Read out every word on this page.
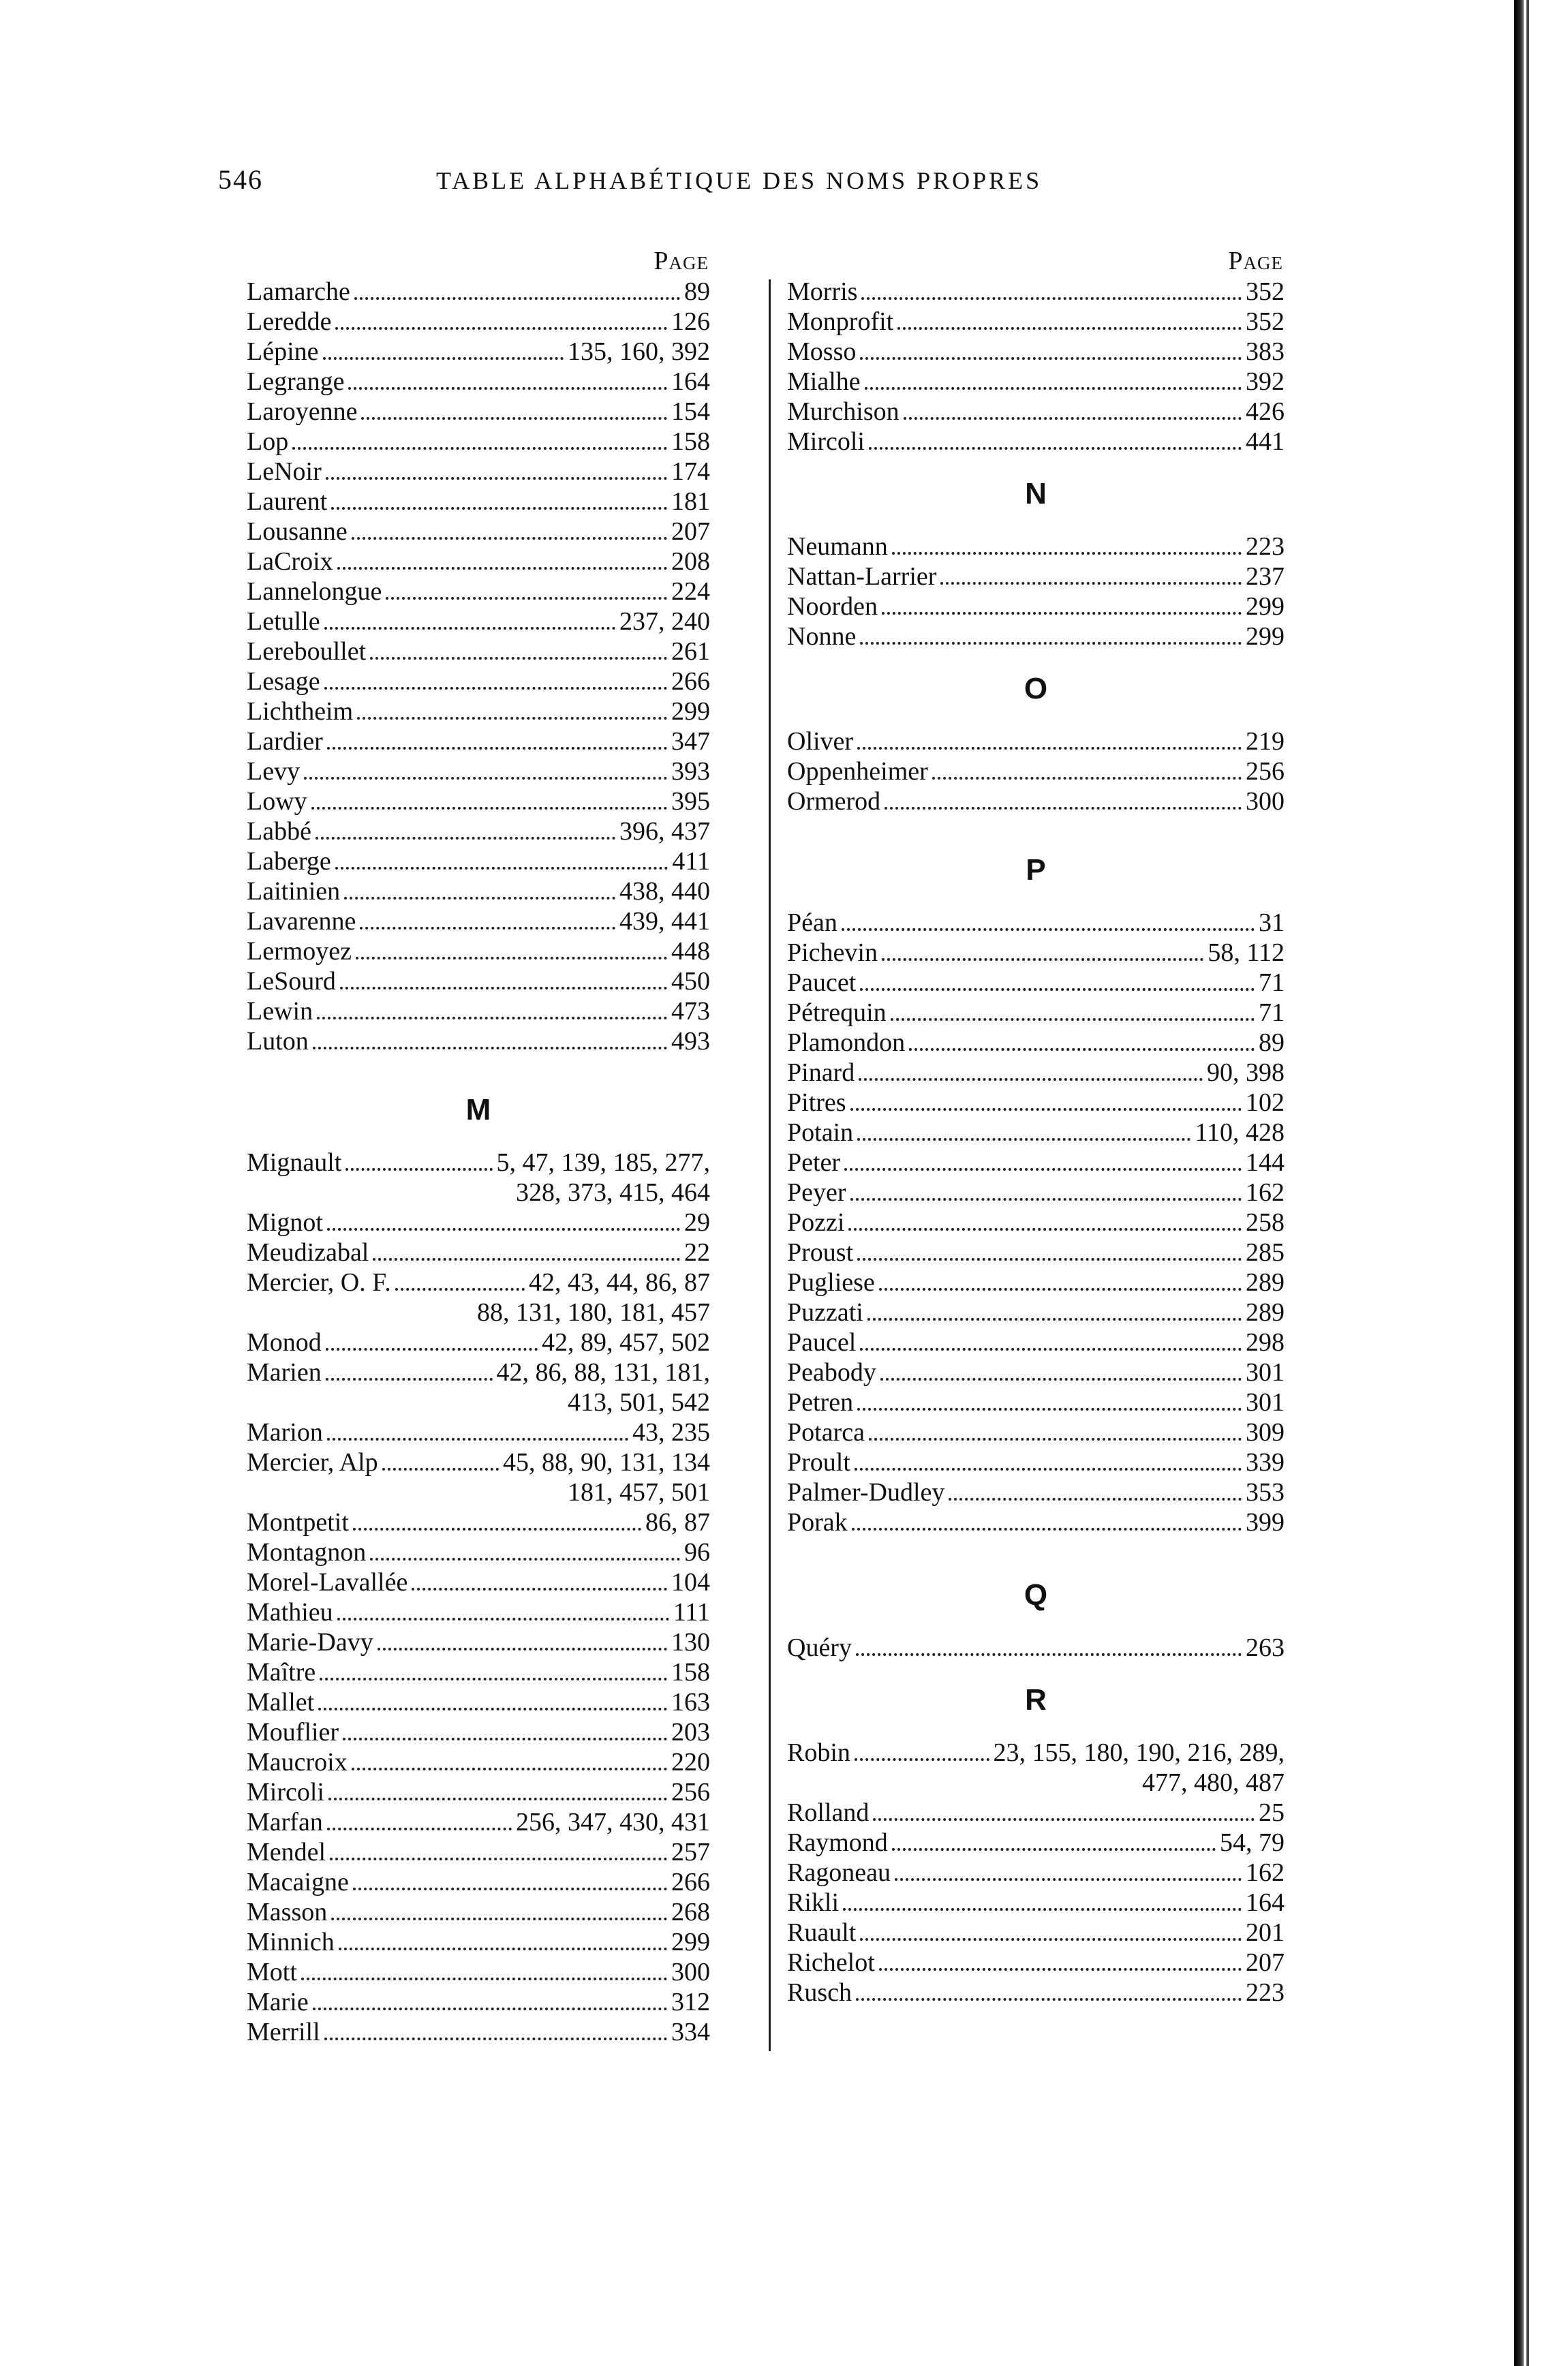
546	TABLE ALPHABÉTIQUE DES NOMS PROPRES
Page
Lamarche	89
Leredde	126
Lépine	135, 160, 392
Legrange	164
Laroyenne	154
Lop	158
LeNoir	174
Laurent	181
Lousanne	207
LaCroix	208
Lannelongue	224
Letulle	237, 240
Lereboullet	261
Lesage	266
Lichtheim	299
Lardier	347
Levy	393
Lowy	395
Labbé	396, 437
Laberge	411
Laitinien	438, 440
Lavarenne	439, 441
Lermoyez	448
LeSourd	450
Lewin	473
Luton	493
M
Mignault	5, 47, 139, 185, 277,
328, 373, 415, 464
Mignot	29
Meudizabal	22
Mercier, O. F.	42, 43, 44, 86, 87
88, 131, 180, 181, 457
Monod	42, 89, 457, 502
Marien	42, 86, 88, 131, 181,
413, 501, 542
Marion	43, 235
Mercier, Alp	45, 88, 90, 131, 134
181, 457, 501
Montpetit	86, 87
Montagnon	96
Morel-Lavallée	104
Mathieu	111
Marie-Davy	130
Maître	158
Mallet	163
Mouflier	203
Maucroix	220
Mircoli	256
Marfan	256, 347, 430, 431
Mendel	257
Macaigne	266
Masson	268
Minnich	299
Mott	300
Marie	312
Merrill	334
Page
Morris	352
Monprofit	352
Mosso	383
Mialhe	392
Murchison	426
Mircoli	441
N
Neumann	223
Nattan-Larrier	237
Noorden	299
Nonne	299
O
Oliver	219
Oppenheimer	256
Ormerod	300
P
Péan	31
Pichevin	58, 112
Paucet	71
Pétrequin	71
Plamondon	89
Pinard	90, 398
Pitres	102
Potain	110, 428
Peter	144
Peyer	162
Pozzi	258
Proust	285
Pugliese	289
Puzzati	289
Paucel	298
Peabody	301
Petren	301
Potarca	309
Proult	339
Palmer-Dudley	353
Porak	399
Q
Quéry	263
R
Robin	23, 155, 180, 190, 216, 289,
477, 480, 487
Rolland	25
Raymond	54, 79
Ragoneau	162
Rikli	164
Ruault	201
Richelot	207
Rusch	223
